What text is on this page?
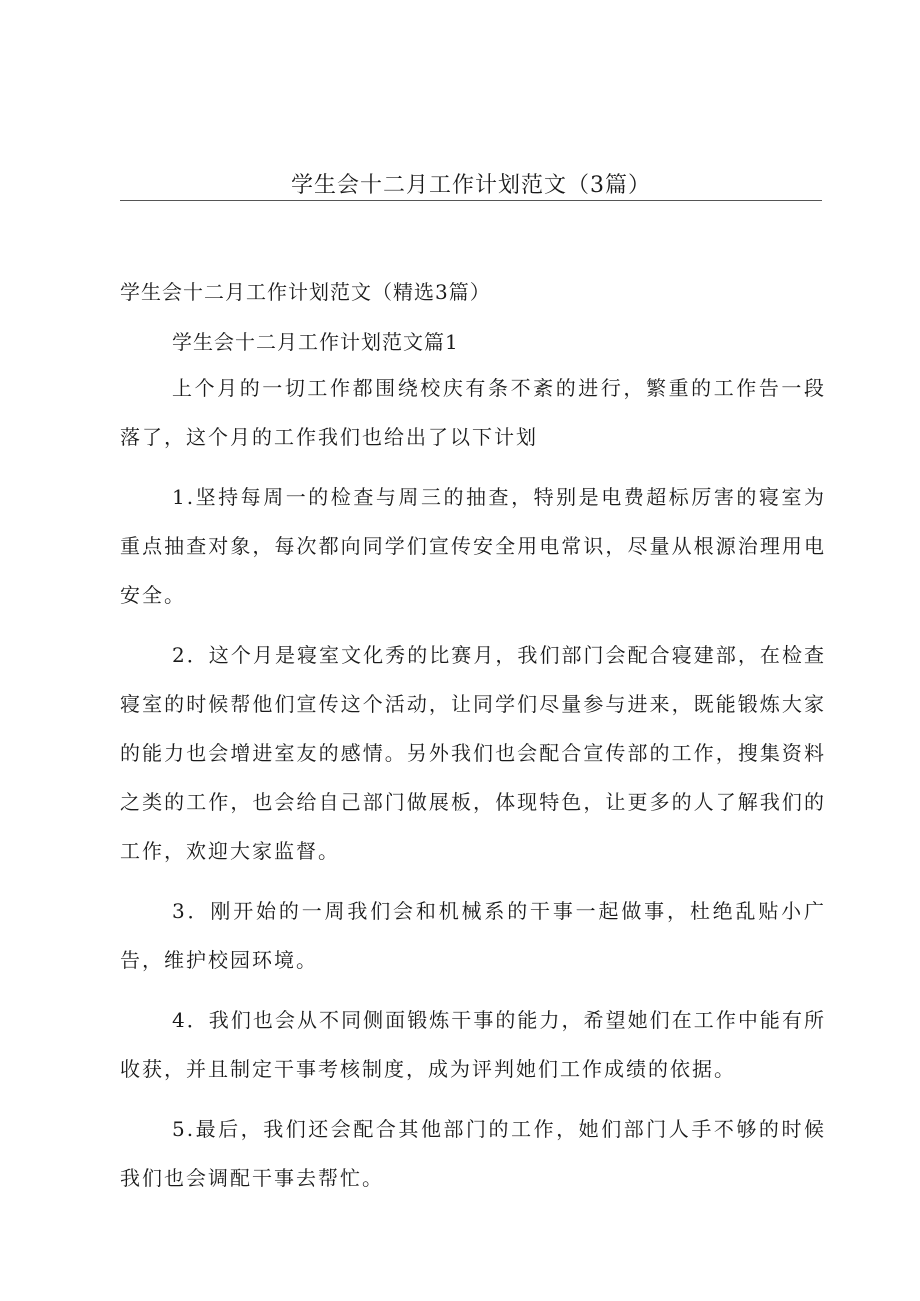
学生会十二月工作计划范文（3篇）

学生会十二月工作计划范文（精选3篇）

学生会十二月工作计划范文篇1

上个月的一切工作都围绕校庆有条不紊的进行，繁重的工作告一段落了，这个月的工作我们也给出了以下计划

1.坚持每周一的检查与周三的抽查，特别是电费超标厉害的寝室为重点抽查对象，每次都向同学们宣传安全用电常识，尽量从根源治理用电安全。

2．这个月是寝室文化秀的比赛月，我们部门会配合寝建部，在检查寝室的时候帮他们宣传这个活动，让同学们尽量参与进来，既能锻炼大家的能力也会增进室友的感情。另外我们也会配合宣传部的工作，搜集资料之类的工作，也会给自己部门做展板，体现特色，让更多的人了解我们的工作，欢迎大家监督。

3．刚开始的一周我们会和机械系的干事一起做事，杜绝乱贴小广告，维护校园环境。

4．我们也会从不同侧面锻炼干事的能力，希望她们在工作中能有所收获，并且制定干事考核制度，成为评判她们工作成绩的依据。

5.最后，我们还会配合其他部门的工作，她们部门人手不够的时候我们也会调配干事去帮忙。
